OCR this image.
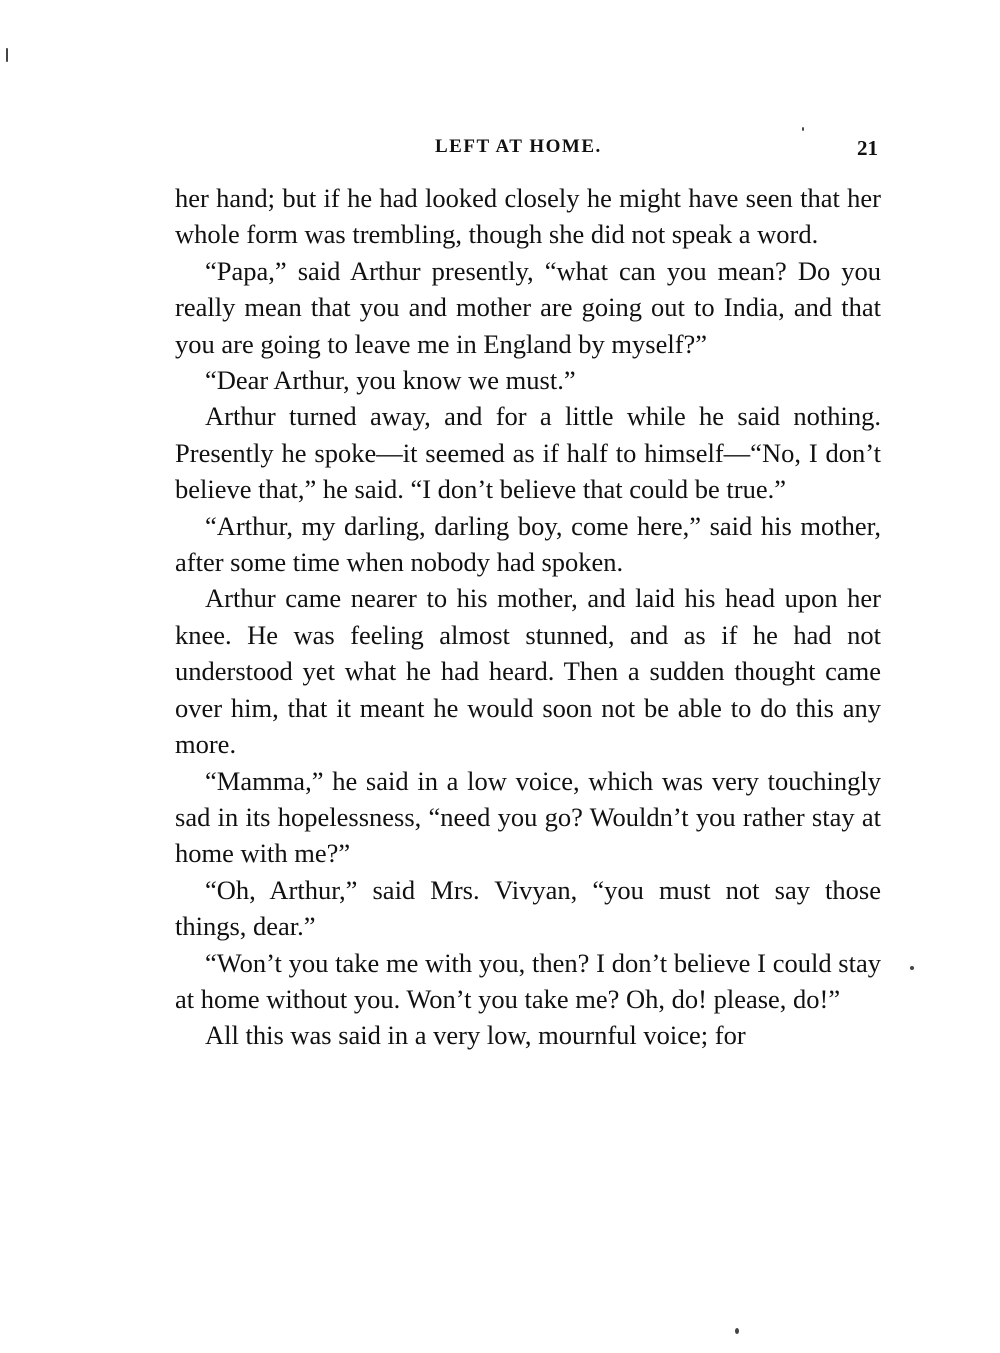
LEFT AT HOME.	21

her hand; but if he had looked closely he might have seen that her whole form was trembling, though she did not speak a word.

“Papa,” said Arthur presently, “what can you mean? Do you really mean that you and mother are going out to India, and that you are going to leave me in England by myself?”

“Dear Arthur, you know we must.”

Arthur turned away, and for a little while he said nothing. Presently he spoke—it seemed as if half to himself—“No, I don’t believe that,” he said. “I don’t believe that could be true.”

“Arthur, my darling, darling boy, come here,” said his mother, after some time when nobody had spoken.

Arthur came nearer to his mother, and laid his head upon her knee. He was feeling almost stunned, and as if he had not understood yet what he had heard. Then a sudden thought came over him, that it meant he would soon not be able to do this any more.

“Mamma,” he said in a low voice, which was very touchingly sad in its hopelessness, “need you go? Wouldn’t you rather stay at home with me?”

“Oh, Arthur,” said Mrs. Vivyan, “you must not say those things, dear.”

“Won’t you take me with you, then? I don’t believe I could stay at home without you. Won’t you take me? Oh, do! please, do!”

All this was said in a very low, mournful voice; for
